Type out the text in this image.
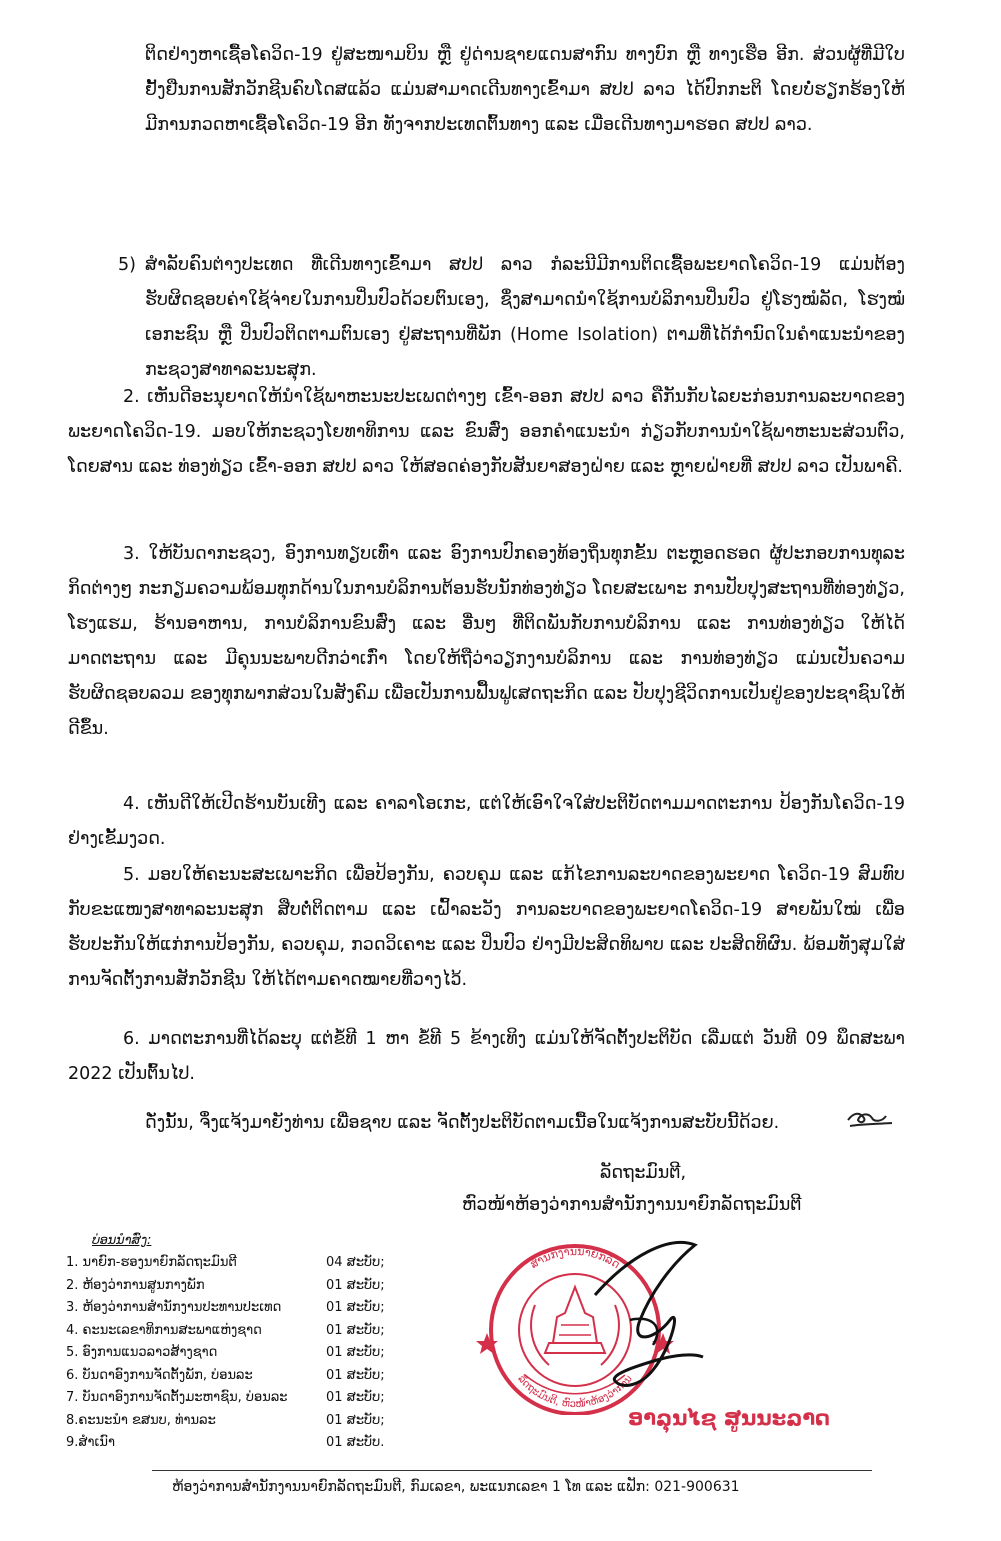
ຕິດຢ່າງຫາເຊື້ອໂຄວິດ-19 ຢູ່ສະໜາມບິນ ຫຼື ຢູ່ດ່ານຊາຍແດນສາກົນ ທາງບົກ ຫຼື ທາງເຮືອ ອີກ. ສ່ວນຜູ້ທີ່ມີໃບຢັ້ງຢືນການສັກວັກຊີນຄົບໂດສແລ້ວ ແມ່ນສາມາດເດີນທາງເຂົ້າມາ ສປປ ລາວ ໄດ້ປົກກະຕິ ໂດຍບໍ່ຮຽກຮ້ອງໃຫ້ມີການກວດຫາເຊື້ອໂຄວິດ-19 ອີກ ທັງຈາກປະເທດຕົ້ນທາງ ແລະ ເມື່ອເດີນທາງມາຮອດ ສປປ ລາວ.
5) ສຳລັບຄົນຕ່າງປະເທດ ທີ່ເດີນທາງເຂົ້າມາ ສປປ ລາວ ກໍລະນີມີການຕິດເຊື້ອພະຍາດໂຄວິດ-19 ແມ່ນຕ້ອງຮັບຜິດຊອບຄ່າໃຊ້ຈ່າຍໃນການປິ່ນປົວດ້ວຍຕົນເອງ, ຊຶ່ງສາມາດນຳໃຊ້ການບໍລິການປິ່ນປົວ ຢູ່ໂຮງໝໍລັດ, ໂຮງໝໍເອກະຊົນ ຫຼື ປິ່ນປົວຕິດຕາມຕົນເອງ ຢູ່ສະຖານທີ່ພັກ (Home Isolation) ຕາມທີ່ໄດ້ກຳນົດໃນຄຳແນະນຳຂອງກະຊວງສາທາລະນະສຸກ.
2. ເຫັນດີອະນຸຍາດໃຫ້ນຳໃຊ້ພາຫະນະປະເພດຕ່າງໆ ເຂົ້າ-ອອກ ສປປ ລາວ ຄືກັນກັບໄລຍະກ່ອນການລະບາດຂອງພະຍາດໂຄວິດ-19. ມອບໃຫ້ກະຊວງໂຍທາທິການ ແລະ ຂົນສົ່ງ ອອກຄຳແນະນຳ ກ່ຽວກັບການນຳໃຊ້ພາຫະນະສ່ວນຕົວ, ໂດຍສານ ແລະ ທ່ອງທ່ຽວ ເຂົ້າ-ອອກ ສປປ ລາວ ໃຫ້ສອດຄ່ອງກັບສັນຍາສອງຝ່າຍ ແລະ ຫຼາຍຝ່າຍທີ່ ສປປ ລາວ ເປັນພາຄີ.
3. ໃຫ້ບັນດາກະຊວງ, ອົງການທຽບເທົ່າ ແລະ ອົງການປົກຄອງທ້ອງຖິ່ນທຸກຂັ້ນ ຕະຫຼອດຮອດ ຜູ້ປະກອບການທຸລະກິດຕ່າງໆ ກະກຽມຄວາມພ້ອມທຸກດ້ານໃນການບໍລິການຕ້ອນຮັບນັກທ່ອງທ່ຽວ ໂດຍສະເພາະ ການປັບປຸງສະຖານທີ່ທ່ອງທ່ຽວ, ໂຮງແຮມ, ຮ້ານອາຫານ, ການບໍລິການຂົນສົ່ງ ແລະ ອື່ນໆ ທີ່ຕິດພັນກັບການບໍລິການ ແລະ ການທ່ອງທ່ຽວ ໃຫ້ໄດ້ມາດຕະຖານ ແລະ ມີຄຸນນະພາບດີກວ່າເກົ່າ ໂດຍໃຫ້ຖືວ່າວຽກງານບໍລິການ ແລະ ການທ່ອງທ່ຽວ ແມ່ນເປັນຄວາມຮັບຜິດຊອບລວມ ຂອງທຸກພາກສ່ວນໃນສັງຄົມ ເພື່ອເປັນການຟື້ນຟູເສດຖະກິດ ແລະ ປັບປຸງຊີວິດການເປັນຢູ່ຂອງປະຊາຊົນໃຫ້ດີຂຶ້ນ.
4. ເຫັນດີໃຫ້ເປີດຮ້ານບັນເທີງ ແລະ ຄາລາໂອເກະ, ແຕ່ໃຫ້ເອົາໃຈໃສ່ປະຕິບັດຕາມມາດຕະການ ປ້ອງກັນໂຄວິດ-19 ຢ່າງເຂັ້ມງວດ.
5. ມອບໃຫ້ຄະນະສະເພາະກິດ ເພື່ອປ້ອງກັນ, ຄວບຄຸມ ແລະ ແກ້ໄຂການລະບາດຂອງພະຍາດ ໂຄວິດ-19 ສົມທົບກັບຂະແໜງສາທາລະນະສຸກ ສືບຕໍ່ຕິດຕາມ ແລະ ເຝົ້າລະວັງ ການລະບາດຂອງພະຍາດໂຄວິດ-19 ສາຍພັນໃໝ່ ເພື່ອຮັບປະກັນໃຫ້ແກ່ການປ້ອງກັນ, ຄວບຄຸມ, ກວດວິເຄາະ ແລະ ປິ່ນປົວ ຢ່າງມີປະສິດທິພາບ ແລະ ປະສິດທິຜົນ. ພ້ອມທັງສຸມໃສ່ການຈັດຕັ້ງການສັກວັກຊີນ ໃຫ້ໄດ້ຕາມຄາດໝາຍທີ່ວາງໄວ້.
6. ມາດຕະການທີ່ໄດ້ລະບຸ ແຕ່ຂໍ້ທີ 1 ຫາ ຂໍ້ທີ 5 ຂ້າງເທິງ ແມ່ນໃຫ້ຈັດຕັ້ງປະຕິບັດ ເລີ່ມແຕ່ ວັນທີ 09 ພຶດສະພາ 2022 ເປັນຕົ້ນໄປ.
ດັ່ງນັ້ນ, ຈຶ່ງແຈ້ງມາຍັງທ່ານ ເພື່ອຊາບ ແລະ ຈັດຕັ້ງປະຕິບັດຕາມເນື້ອໃນແຈ້ງການສະບັບນີ້ດ້ວຍ.
ລັດຖະມົນຕີ,
ຫົວໜ້າຫ້ອງວ່າການສຳນັກງານນາຍົກລັດຖະມົນຕີ
ສຳນັກງານນາຍົກລັດ
ລັດຖະມົນຕີ, ຫົວໜ້າຫ້ອງວ່າການ
ອາລຸນໄຊ ສູນນະລາດ
ບ່ອນນຳສົ່ງ:
1. ນາຍົກ-ຮອງນາຍົກລັດຖະມົນຕີ	04 ສະບັບ;
2. ຫ້ອງວ່າການສູນກາງພັກ	01 ສະບັບ;
3. ຫ້ອງວ່າການສຳນັກງານປະທານປະເທດ	01 ສະບັບ;
4. ຄະນະເລຂາທິການສະພາແຫ່ງຊາດ	01 ສະບັບ;
5. ອົງການແນວລາວສ້າງຊາດ	01 ສະບັບ;
6. ບັນດາອົງການຈັດຕັ້ງພັກ, ບ່ອນລະ	01 ສະບັບ;
7. ບັນດາອົງການຈັດຕັ້ງມະຫາຊົນ, ບ່ອນລະ	01 ສະບັບ;
8.ຄະນະນຳ ຂສນບ, ທ່ານລະ	01 ສະບັບ;
9.ສຳເນົາ	01 ສະບັບ.
ຫ້ອງວ່າການສຳນັກງານນາຍົກລັດຖະມົນຕີ, ກົມເລຂາ, ພະແນກເລຂາ 1 ໂທ ແລະ ແຟັກ: 021-900631
